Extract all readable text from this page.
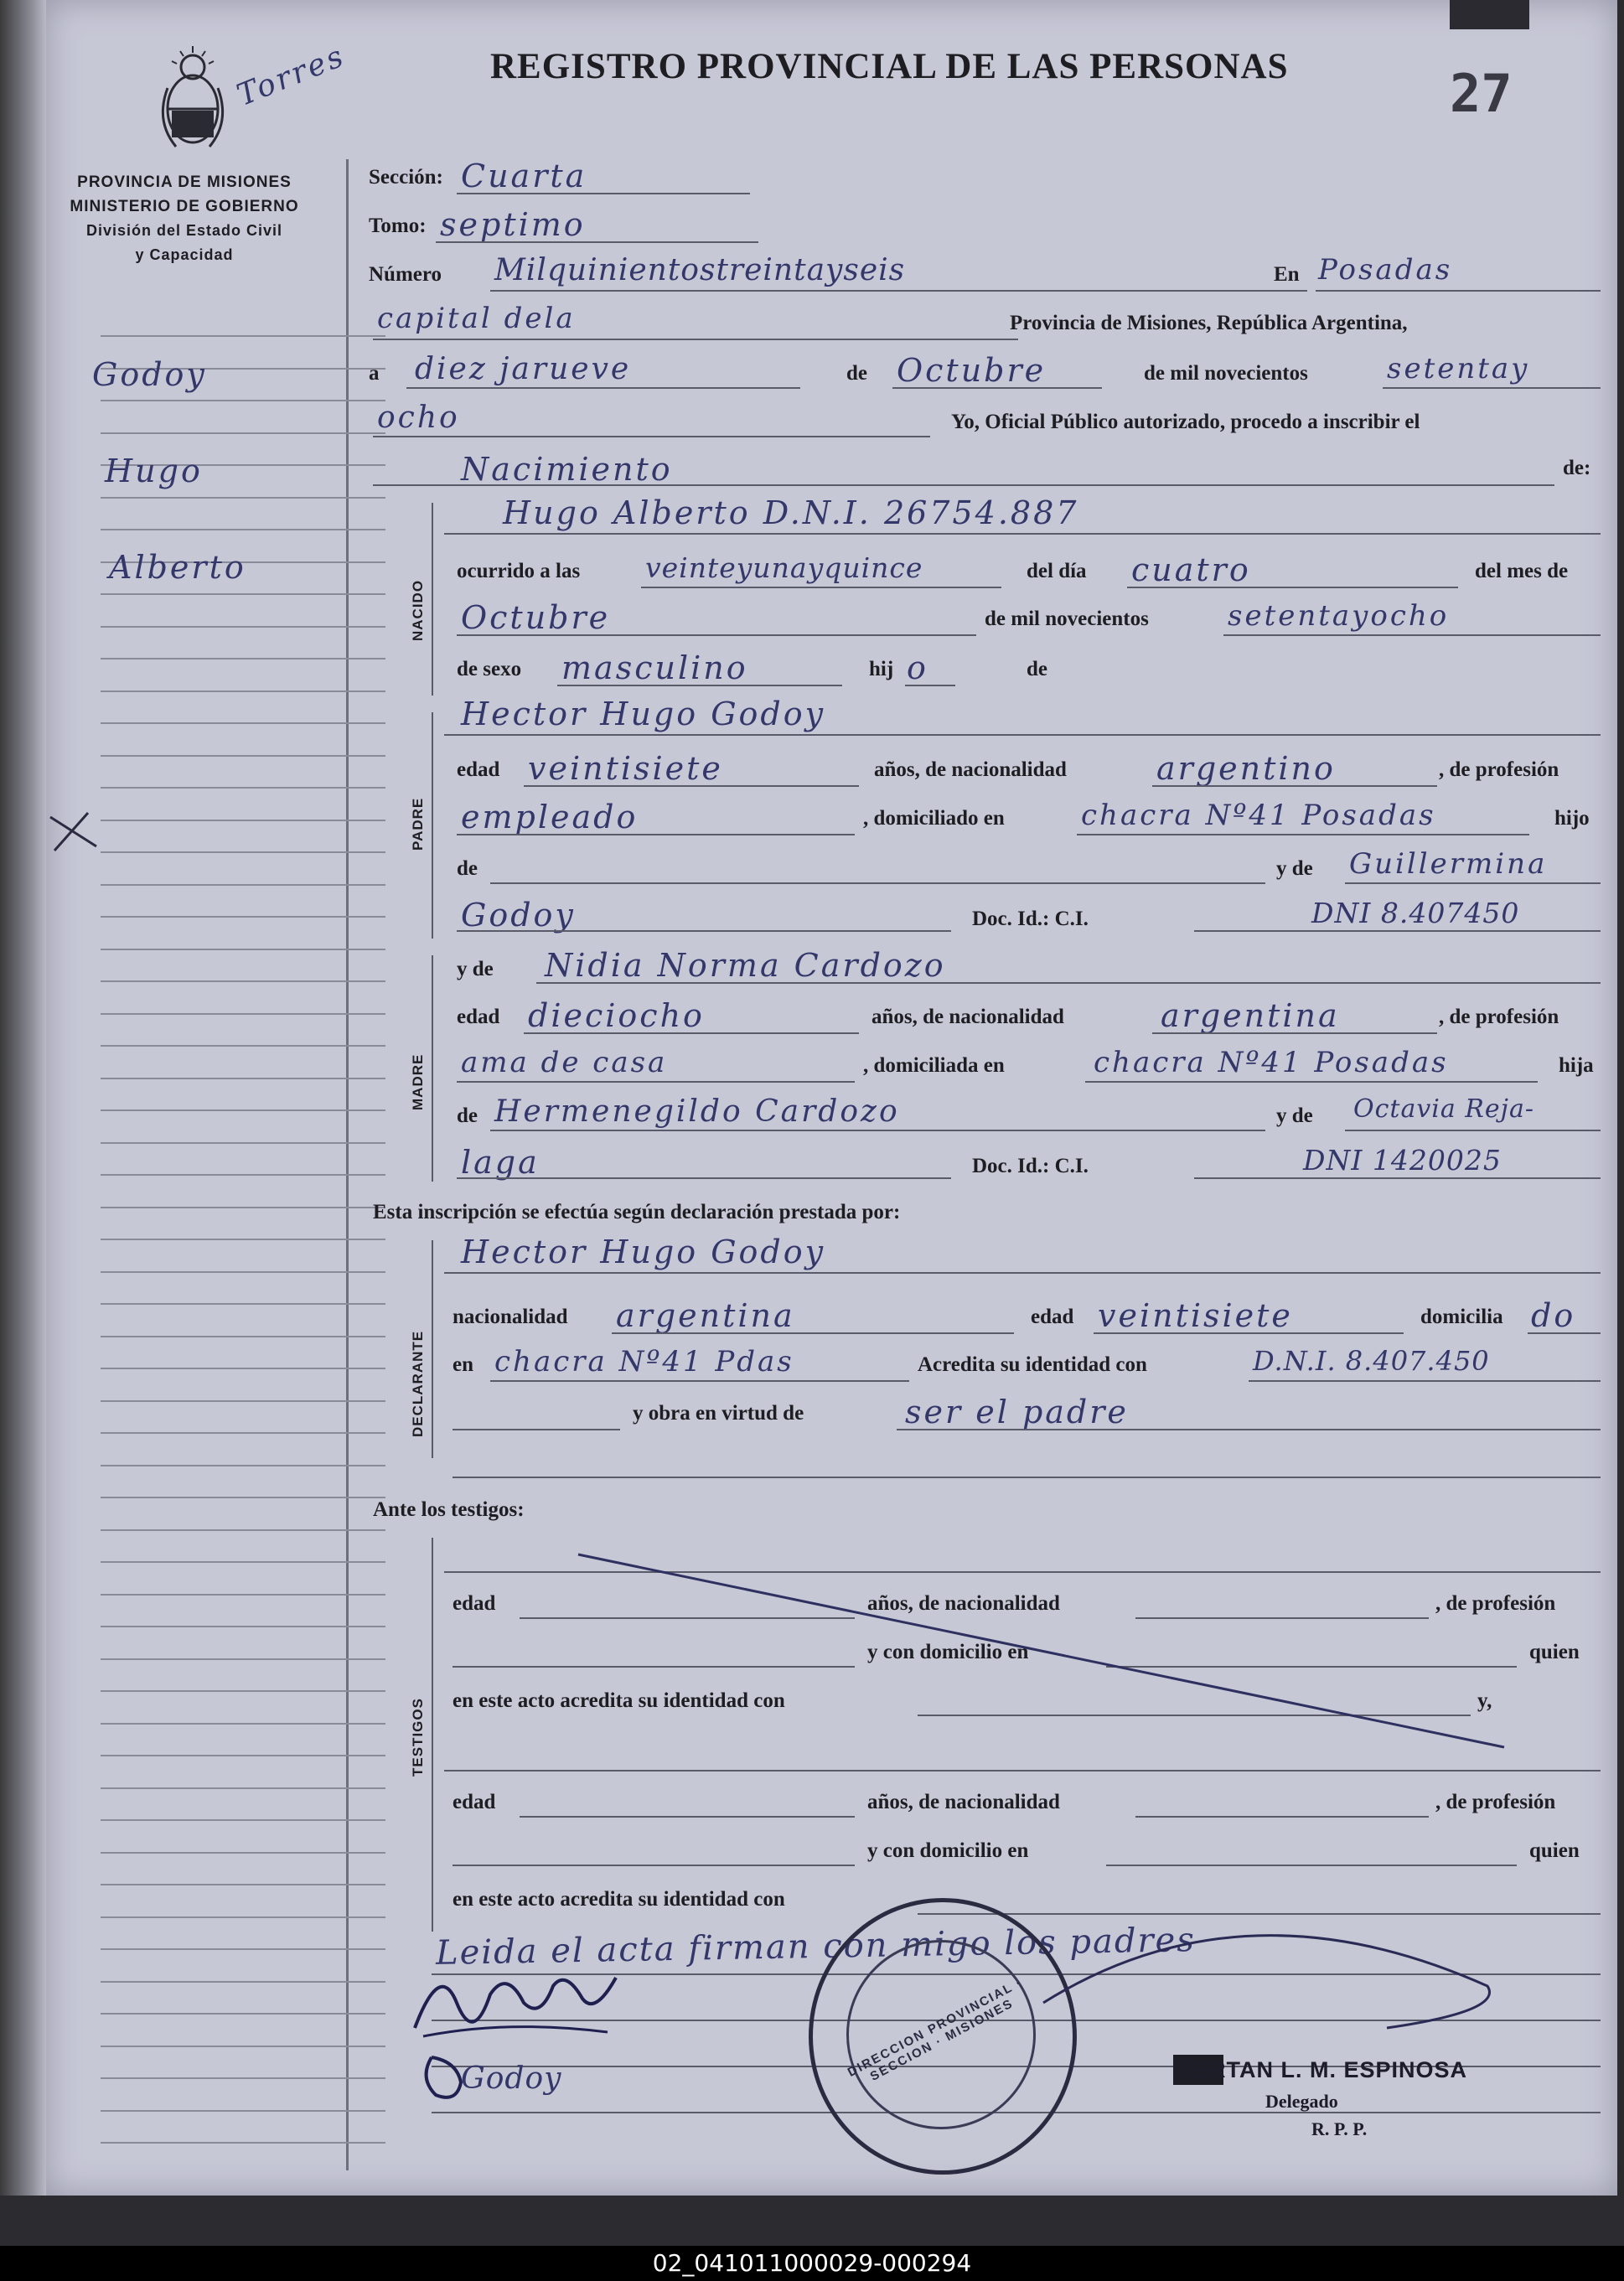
Torres	REGISTRO PROVINCIAL DE LAS PERSONAS	27
PROVINCIA DE MISIONES
MINISTERIO DE GOBIERNO
División del Estado Civil
y Capacidad
Godoy
Hugo
Alberto
Sección: Cuarta
Tomo: septimo
Número Milquinientostreintayseis	En Posadas
capital dela	Provincia de Misiones, República Argentina,
a diez jarueve	de Octubre	de mil novecientos	setentay
ocho	Yo, Oficial Público autorizado, procedo a inscribir el
Nacimiento	de:
NACIDO
Hugo Alberto D.N.I. 26754.887
ocurrido a las veinteyunayquince	del día cuatro	del mes de
Octubre	de mil novecientos	setentayocho
de sexo masculino	hij o	de
PADRE
Hector Hugo Godoy
edad veintisiete	años, de nacionalidad	argentino	, de profesión
empleado	, domiciliado en	chacra Nº41 Posadas	hijo
de	y de Guillermina
Godoy	Doc. Id.: C.I.	DNI 8.407450
MADRE
y de Nidia Norma Cardozo
edad dieciocho	años, de nacionalidad	argentina	, de profesión
ama de casa	, domiciliada en	chacra Nº41 Posadas	hija
de Hermenegildo Cardozo	y de Octavia Reja-
laga	Doc. Id.: C.I.	DNI 1420025
Esta inscripción se efectúa según declaración prestada por:
DECLARANTE
Hector Hugo Godoy
nacionalidad argentina	edad veintisiete	domicilia do
en chacra Nº41 Pdas	Acredita su identidad con	D.N.I. 8.407.450
y obra en virtud de	ser el padre
Ante los testigos:
TESTIGOS
edad	años, de nacionalidad	, de profesión
y con domicilio en	quien
en este acto acredita su identidad con	y,
edad	años, de nacionalidad	, de profesión
y con domicilio en	quien
en este acto acredita su identidad con
Leida el acta firman con migo los padres
Godoy	DIRECCION PROVINCIAL · SECCION · MISIONES	VERTAN L. M. ESPINOSA
Delegado
R. P. P.
02_041011000029-000294
